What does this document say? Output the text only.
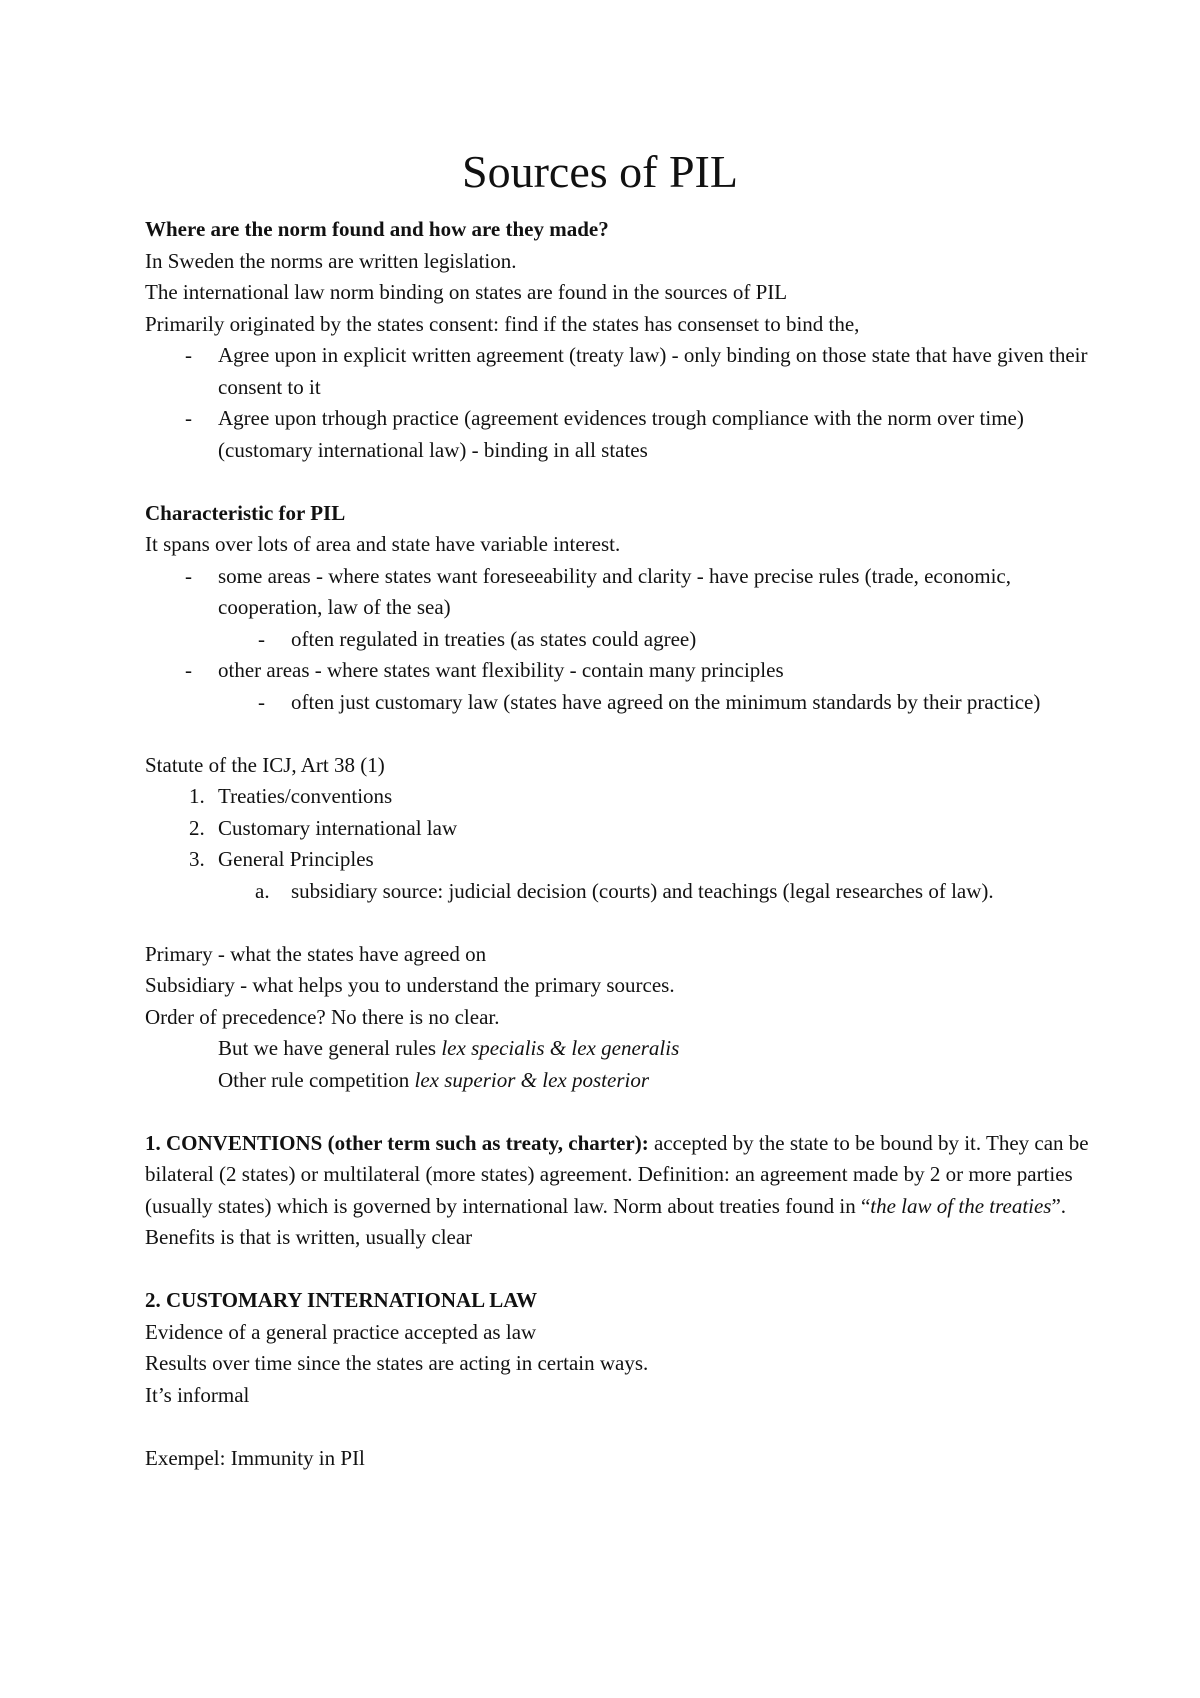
Sources of PIL

Where are the norm found and how are they made?

In Sweden the norms are written legislation.

The international law norm binding on states are found in the sources of PIL

Primarily originated by the states consent: find if the states has consenset to bind the,

- Agree upon in explicit written agreement (treaty law) - only binding on those state that have given their consent to it
- Agree upon trhough practice (agreement evidences trough compliance with the norm over time) (customary international law) - binding in all states

Characteristic for PIL

It spans over lots of area and state have variable interest.

- some areas - where states want foreseeability and clarity - have precise rules (trade, economic, cooperation, law of the sea)
- often regulated in treaties (as states could agree)
- other areas - where states want flexibility - contain many principles
- often just customary law (states have agreed on the minimum standards by their practice)

Statute of the ICJ, Art 38 (1)

1. Treaties/conventions
2. Customary international law
3. General Principles
a. subsidiary source: judicial decision (courts) and teachings (legal researches of law).

Primary - what the states have agreed on

Subsidiary - what helps you to understand the primary sources.

Order of precedence? No there is no clear.

But we have general rules lex specialis & lex generalis

Other rule competition lex superior & lex posterior

1. CONVENTIONS (other term such as treaty, charter): accepted by the state to be bound by it. They can be bilateral (2 states) or multilateral (more states) agreement. Definition: an agreement made by 2 or more parties (usually states) which is governed by international law. Norm about treaties found in “the law of the treaties”. Benefits is that is written, usually clear

2. CUSTOMARY INTERNATIONAL LAW

Evidence of a general practice accepted as law

Results over time since the states are acting in certain ways.

It’s informal

Exempel: Immunity in PIl
